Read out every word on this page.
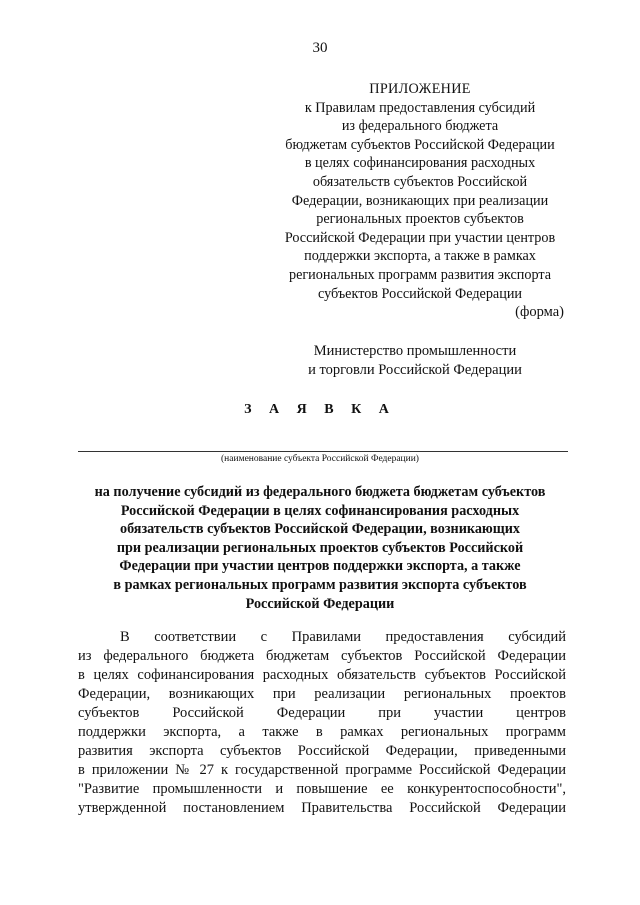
30
ПРИЛОЖЕНИЕ
к Правилам предоставления субсидий
из федерального бюджета
бюджетам субъектов Российской Федерации
в целях софинансирования расходных
обязательств субъектов Российской
Федерации, возникающих при реализации
региональных проектов субъектов
Российской Федерации при участии центров
поддержки экспорта, а также в рамках
региональных программ развития экспорта
субъектов Российской Федерации
(форма)
Министерство промышленности
и торговли Российской Федерации
З А Я В К А
(наименование субъекта Российской Федерации)
на получение субсидий из федерального бюджета бюджетам субъектов
Российской Федерации в целях софинансирования расходных
обязательств субъектов Российской Федерации, возникающих
при реализации региональных проектов субъектов Российской
Федерации при участии центров поддержки экспорта, а также
в рамках региональных программ развития экспорта субъектов
Российской Федерации
В соответствии с Правилами предоставления субсидий
из федерального бюджета бюджетам субъектов Российской Федерации
в целях софинансирования расходных обязательств субъектов Российской
Федерации, возникающих при реализации региональных проектов
субъектов Российской Федерации при участии центров
поддержки экспорта, а также в рамках региональных программ
развития экспорта субъектов Российской Федерации, приведенными
в приложении № 27 к государственной программе Российской Федерации
"Развитие промышленности и повышение ее конкурентоспособности",
утвержденной постановлением Правительства Российской Федерации
